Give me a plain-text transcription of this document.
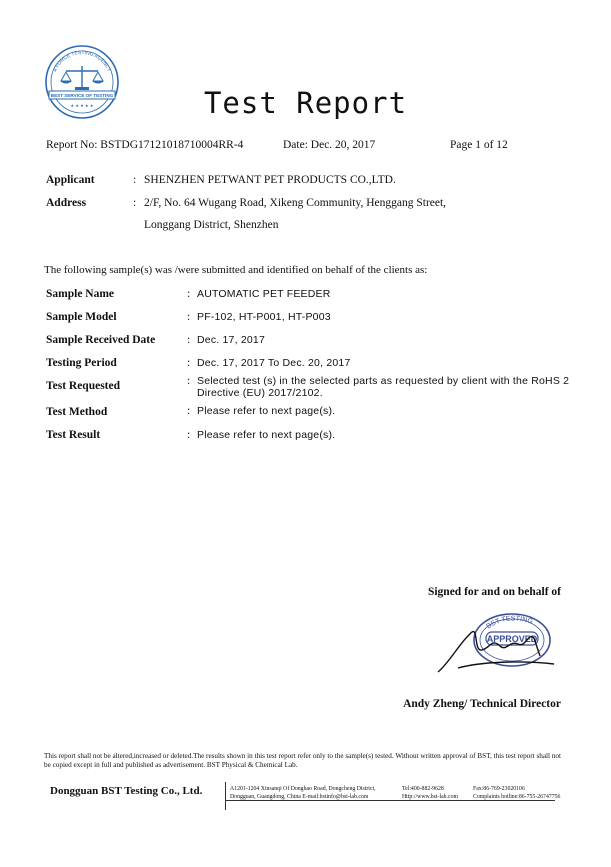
A FORCE TESTING AGENCY
BEST SERVICE OF TESTING
★ ★ ★ ★ ★	Test Report
Report No: BSTDG17121018710004RR-4	Date: Dec. 20, 2017	Page 1 of 12
Applicant	: SHENZHEN PETWANT PET PRODUCTS CO.,LTD.
Address	: 2/F, No. 64 Wugang Road, Xikeng Community, Henggang Street,
Longgang District, Shenzhen
The following sample(s) was /were submitted and identified on behalf of the clients as:
Sample Name	: AUTOMATIC PET FEEDER
Sample Model	: PF-102, HT-P001, HT-P003
Sample Received Date	: Dec. 17, 2017
Testing Period	: Dec. 17, 2017 To Dec. 20, 2017
Test Requested	: Selected test (s) in the selected parts as requested by client with the RoHS 2
Directive (EU) 2017/2102.
Test Method	: Please refer to next page(s).
Test Result	: Please refer to next page(s).
Signed for and on behalf of
BST TESTING
APPROVED
Andy Zheng/ Technical Director
This report shall not be altered,increased or deleted.The results shown in this test report refer only to the sample(s) tested. Without written approval of BST, this test report shall not be copied except in full and published as advertisement. BST Physical & Chemical Lab.
Dongguan BST Testing Co., Ltd.	A1201-1204 Xinsanqi Of Donghao Road, Dongcheng District,
Dongguan, Guangdong, China E-mail:bstinfo@bst-lab.com
Tel:400-882-9628
Http://www.bst-lab.com
Fax:86-769-23020106
Complaints hotline:86-755-26747756
